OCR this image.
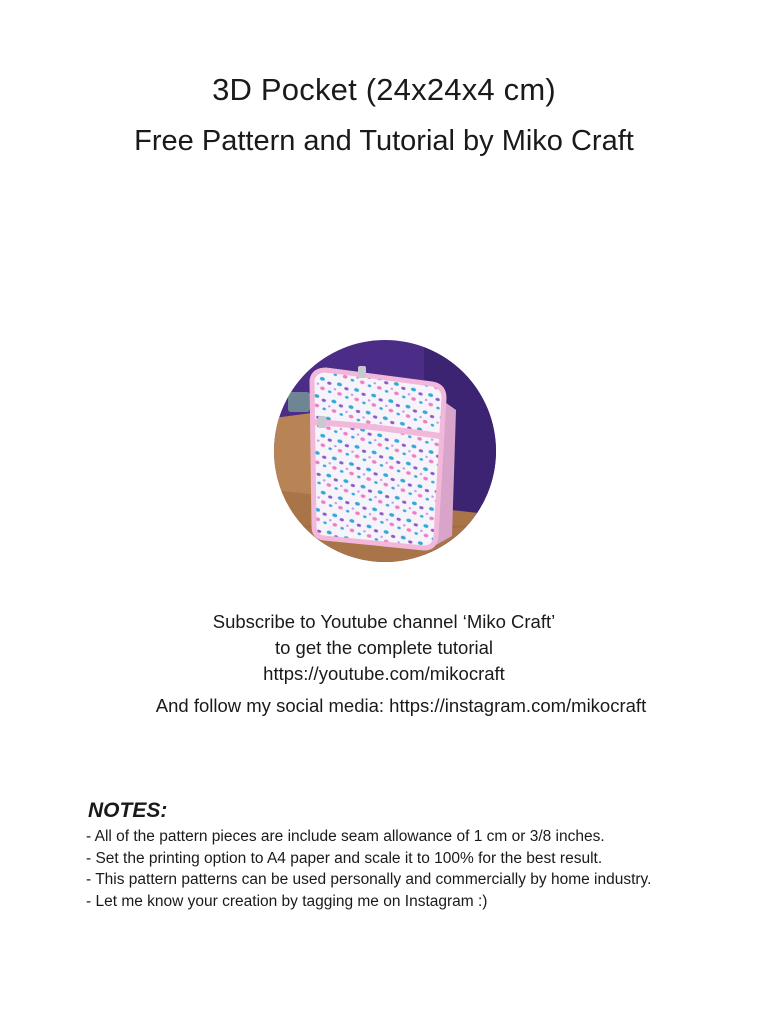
3D Pocket (24x24x4 cm)
Free Pattern and Tutorial by Miko Craft
Subscribe to Youtube channel ‘Miko Craft’
to get the complete tutorial
https://youtube.com/mikocraft
And follow my social media: https://instagram.com/mikocraft
NOTES:
- All of the pattern pieces are include seam allowance of 1 cm or 3/8 inches.
- Set the printing option to A4 paper and scale it to 100% for the best result.
- This pattern patterns can be used personally and commercially by home industry.
- Let me know your creation by tagging me on Instagram :)
